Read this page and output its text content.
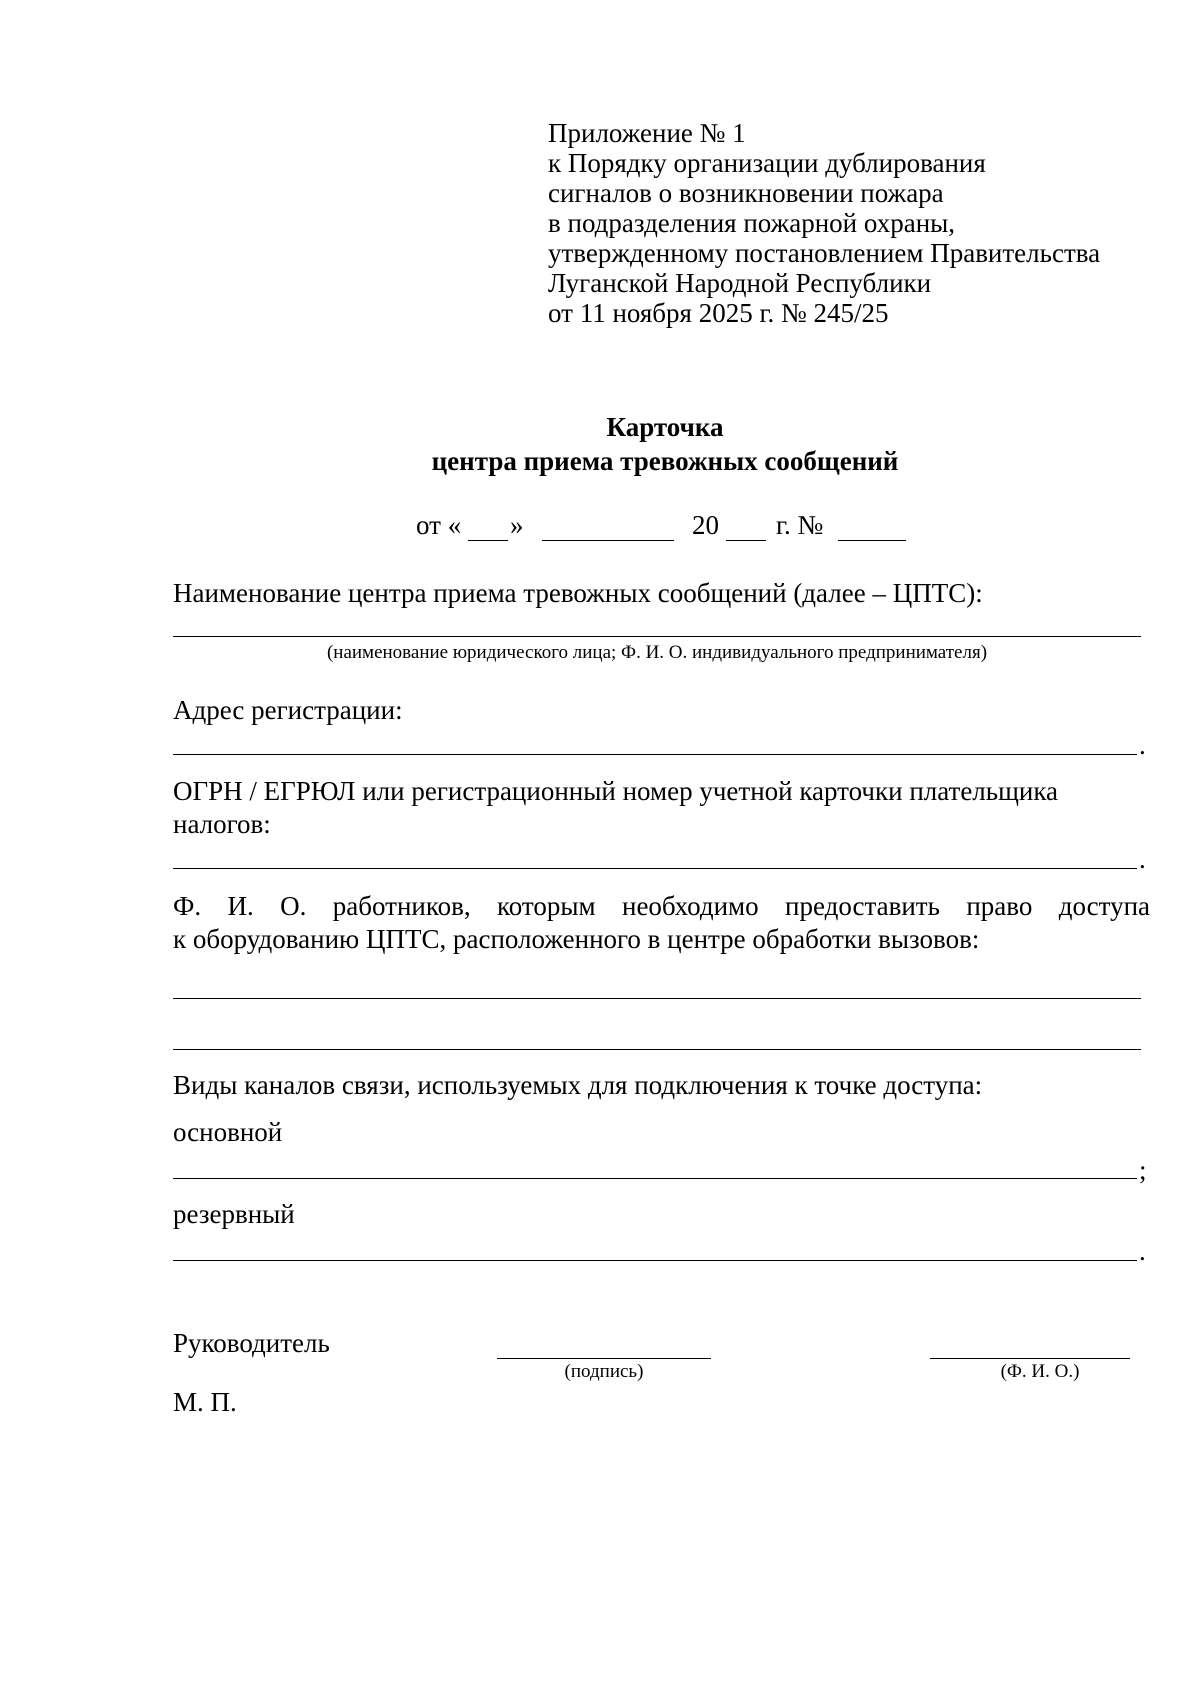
Приложение № 1
к Порядку организации дублирования
сигналов о возникновении пожара
в подразделения пожарной охраны,
утвержденному постановлением Правительства
Луганской Народной Республики
от 11 ноября 2025 г. № 245/25
Карточка
центра приема тревожных сообщений
от « »	20 г. №
Наименование центра приема тревожных сообщений (далее – ЦПТС):
(наименование юридического лица; Ф. И. О. индивидуального предпринимателя)
Адрес регистрации:
.
ОГРН / ЕГРЮЛ или регистрационный номер учетной карточки плательщика
налогов:
.
Ф. И. О. работников, которым необходимо предоставить право доступа
к оборудованию ЦПТС, расположенного в центре обработки вызовов:
Виды каналов связи, используемых для подключения к точке доступа:
основной
;
резервный
.
Руководитель
(подпись)	(Ф. И. О.)
М. П.
